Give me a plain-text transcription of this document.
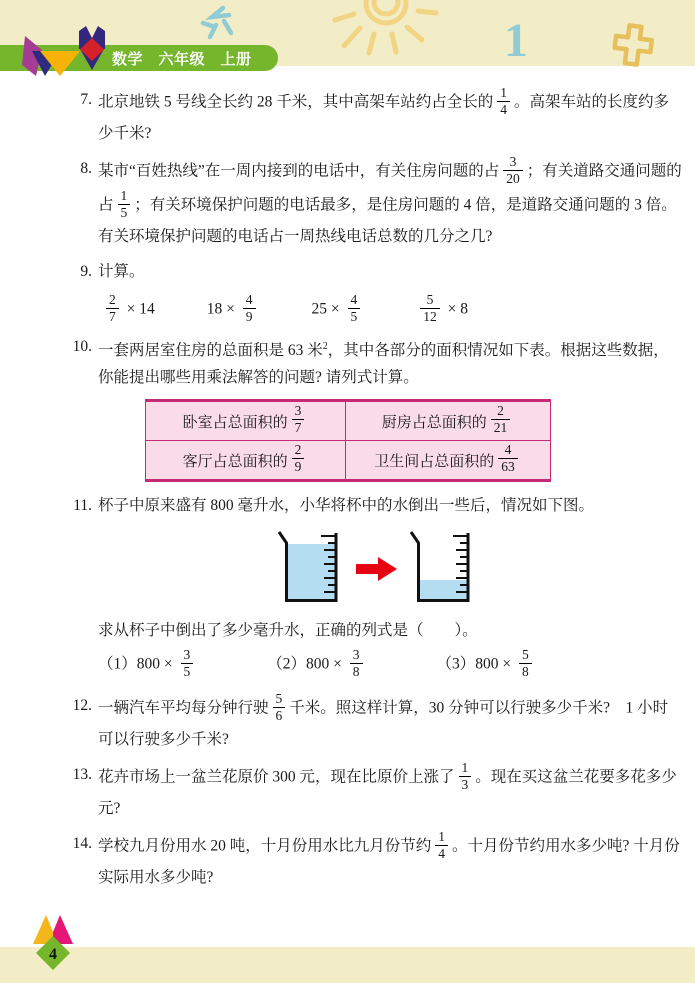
1
数学　六年级　上册
7. 北京地铁 5 号线全长约 28 千米，其中高架车站约占全长的 $\frac{1}{4}$ 。高架车站的长度约多少千米?
8. 某市“百姓热线”在一周内接到的电话中，有关住房问题的占 $\frac{3}{20}$ ；有关道路交通问题的占 $\frac{1}{5}$ ；有关环境保护问题的电话最多，是住房问题的 4 倍，是道路交通问题的 3 倍。有关环境保护问题的电话占一周热线电话总数的几分之几?
9. 计算。
$\frac{2}{7} \times 14$	$18 \times \frac{4}{9}$	$25 \times \frac{4}{5}$	$\frac{5}{12} \times 8$
10. 一套两居室住房的总面积是 63 米$^2$，其中各部分的面积情况如下表。根据这些数据，你能提出哪些用乘法解答的问题? 请列式计算。
卧室占总面积的 $\frac{3}{7}$	厨房占总面积的 $\frac{2}{21}$
客厅占总面积的 $\frac{2}{9}$	卫生间占总面积的 $\frac{4}{63}$
11. 杯子中原来盛有 800 毫升水，小华将杯中的水倒出一些后，情况如下图。
求从杯子中倒出了多少毫升水，正确的列式是（　　）。
$(1)800 \times \frac{3}{5}$	$(2)800 \times \frac{3}{8}$	$(3)800 \times \frac{5}{8}$
12. 一辆汽车平均每分钟行驶 $\frac{5}{6}$ 千米。照这样计算，30 分钟可以行驶多少千米?　1 小时可以行驶多少千米?
13. 花卉市场上一盆兰花原价 300 元，现在比原价上涨了 $\frac{1}{3}$ 。现在买这盆兰花要多花多少元?
14. 学校九月份用水 20 吨，十月份用水比九月份节约 $\frac{1}{4}$ 。十月份节约用水多少吨? 十月份实际用水多少吨?
4
